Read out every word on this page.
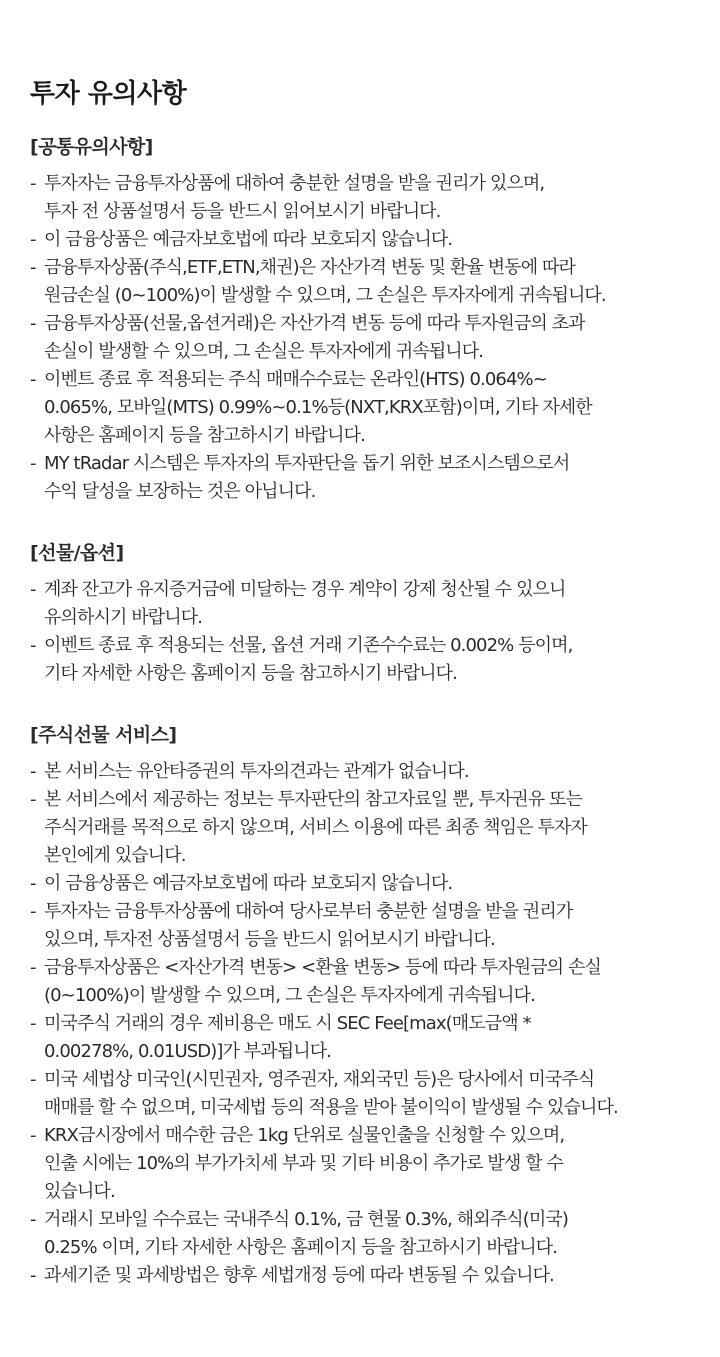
투자 유의사항
[공통유의사항]
- 투자자는 금융투자상품에 대하여 충분한 설명을 받을 권리가 있으며,
투자 전 상품설명서 등을 반드시 읽어보시기 바랍니다.
- 이 금융상품은 예금자보호법에 따라 보호되지 않습니다.
- 금융투자상품(주식,ETF,ETN,채권)은 자산가격 변동 및 환율 변동에 따라
원금손실 (0~100%)이 발생할 수 있으며, 그 손실은 투자자에게 귀속됩니다.
- 금융투자상품(선물,옵션거래)은 자산가격 변동 등에 따라 투자원금의 초과
손실이 발생할 수 있으며, 그 손실은 투자자에게 귀속됩니다.
- 이벤트 종료 후 적용되는 주식 매매수수료는 온라인(HTS) 0.064%~
0.065%, 모바일(MTS) 0.99%~0.1%등(NXT,KRX포함)이며, 기타 자세한
사항은 홈페이지 등을 참고하시기 바랍니다.
- MY tRadar 시스템은 투자자의 투자판단을 돕기 위한 보조시스템으로서
수익 달성을 보장하는 것은 아닙니다.
[선물/옵션]
- 계좌 잔고가 유지증거금에 미달하는 경우 계약이 강제 청산될 수 있으니
유의하시기 바랍니다.
- 이벤트 종료 후 적용되는 선물, 옵션 거래 기존수수료는 0.002% 등이며,
기타 자세한 사항은 홈페이지 등을 참고하시기 바랍니다.
[주식선물 서비스]
- 본 서비스는 유안타증권의 투자의견과는 관계가 없습니다.
- 본 서비스에서 제공하는 정보는 투자판단의 참고자료일 뿐, 투자권유 또는
주식거래를 목적으로 하지 않으며, 서비스 이용에 따른 최종 책임은 투자자
본인에게 있습니다.
- 이 금융상품은 예금자보호법에 따라 보호되지 않습니다.
- 투자자는 금융투자상품에 대하여 당사로부터 충분한 설명을 받을 권리가
있으며, 투자전 상품설명서 등을 반드시 읽어보시기 바랍니다.
- 금융투자상품은 <자산가격 변동> <환율 변동> 등에 따라 투자원금의 손실
(0~100%)이 발생할 수 있으며, 그 손실은 투자자에게 귀속됩니다.
- 미국주식 거래의 경우 제비용은 매도 시 SEC Fee[max(매도금액 *
0.00278%, 0.01USD)]가 부과됩니다.
- 미국 세법상 미국인(시민권자, 영주권자, 재외국민 등)은 당사에서 미국주식
매매를 할 수 없으며, 미국세법 등의 적용을 받아 불이익이 발생될 수 있습니다.
- KRX금시장에서 매수한 금은 1kg 단위로 실물인출을 신청할 수 있으며,
인출 시에는 10%의 부가가치세 부과 및 기타 비용이 추가로 발생 할 수
있습니다.
- 거래시 모바일 수수료는 국내주식 0.1%, 금 현물 0.3%, 해외주식(미국)
0.25% 이며, 기타 자세한 사항은 홈페이지 등을 참고하시기 바랍니다.
- 과세기준 및 과세방법은 향후 세법개정 등에 따라 변동될 수 있습니다.
